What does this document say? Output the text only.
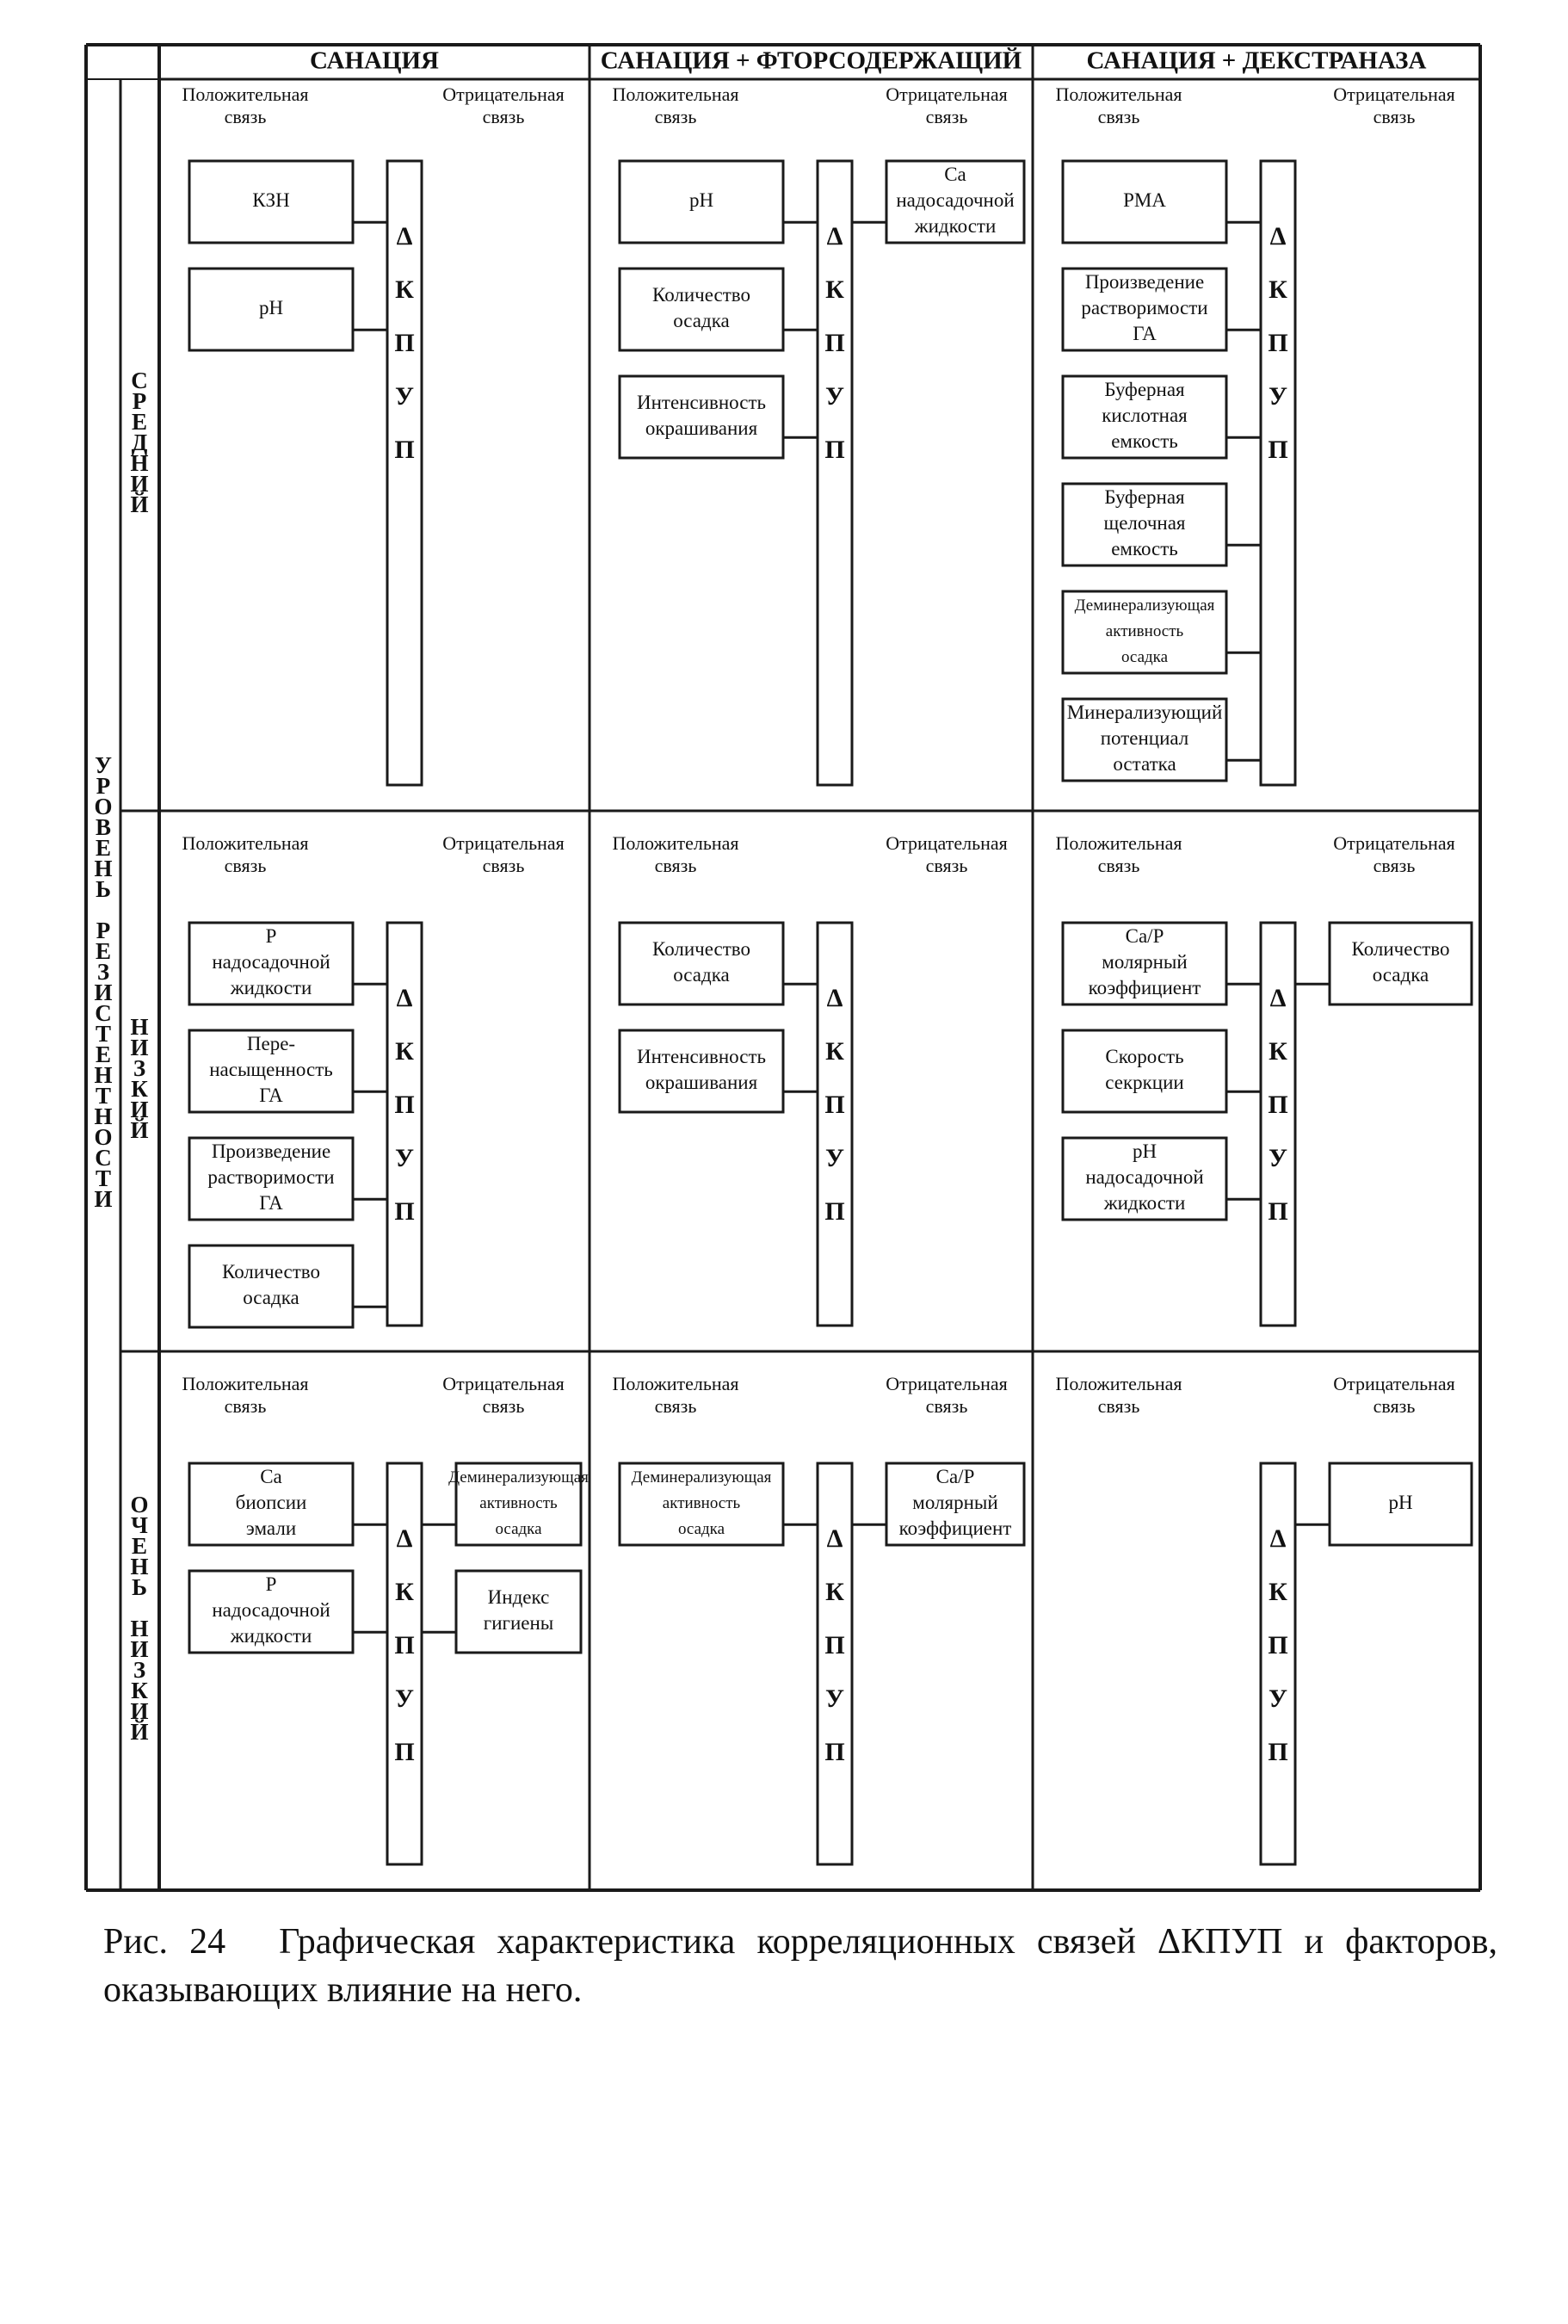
САНАЦИЯ	САНАЦИЯ + ФТОРСОДЕРЖАЩИЙ	САНАЦИЯ + ДЕКСТРАНАЗА
У
Р
О
В
Е
Н
Ь
Р
Е
З
И
С
Т
Е
Н
Т
Н
О
С
Т
И
С
Р
Е
Д
Н
И
Й
Н
И
З
К
И
Й
О
Ч
Е
Н
Ь
Н
И
З
К
И
Й
Положительная
связь
Отрицательная
связь
Δ
К
П
У
П
КЗН
pH
Положительная
связь
Отрицательная
связь
Δ
К
П
У
П
pH
Количество
осадка
Интенсивность
окрашивания
Ca
надосадочной
жидкости
Положительная
связь
Отрицательная
связь
Δ
К
П
У
П
РМА
Произведение
растворимости
ГА
Буферная
кислотная
емкость
Буферная
щелочная
емкость
Деминерализующая
активность
осадка
Минерализующий
потенциал
остатка
Положительная
связь
Отрицательная
связь
Δ
К
П
У
П
Р
надосадочной
жидкости
Пере-
насыщенность
ГА
Произведение
растворимости
ГА
Количество
осадка
Положительная
связь
Отрицательная
связь
Δ
К
П
У
П
Количество
осадка
Интенсивность
окрашивания
Положительная
связь
Отрицательная
связь
Δ
К
П
У
П
Са/Р
молярный
коэффициент
Скорость
секркции
pH
надосадочной
жидкости
Количество
осадка
Положительная
связь
Отрицательная
связь
Δ
К
П
У
П
Са
биопсии
эмали
Р
надосадочной
жидкости
Деминерализующая
активность
осадка
Индекс
гигиены
Положительная
связь
Отрицательная
связь
Δ
К
П
У
П
Деминерализующая
активность
осадка
Са/Р
молярный
коэффициент
Положительная
связь
Отрицательная
связь
Δ
К
П
У
П
pH

Рис. 24 Графическая характеристика корреляционных связей ΔКПУП и факторов, оказывающих влияние на него.
